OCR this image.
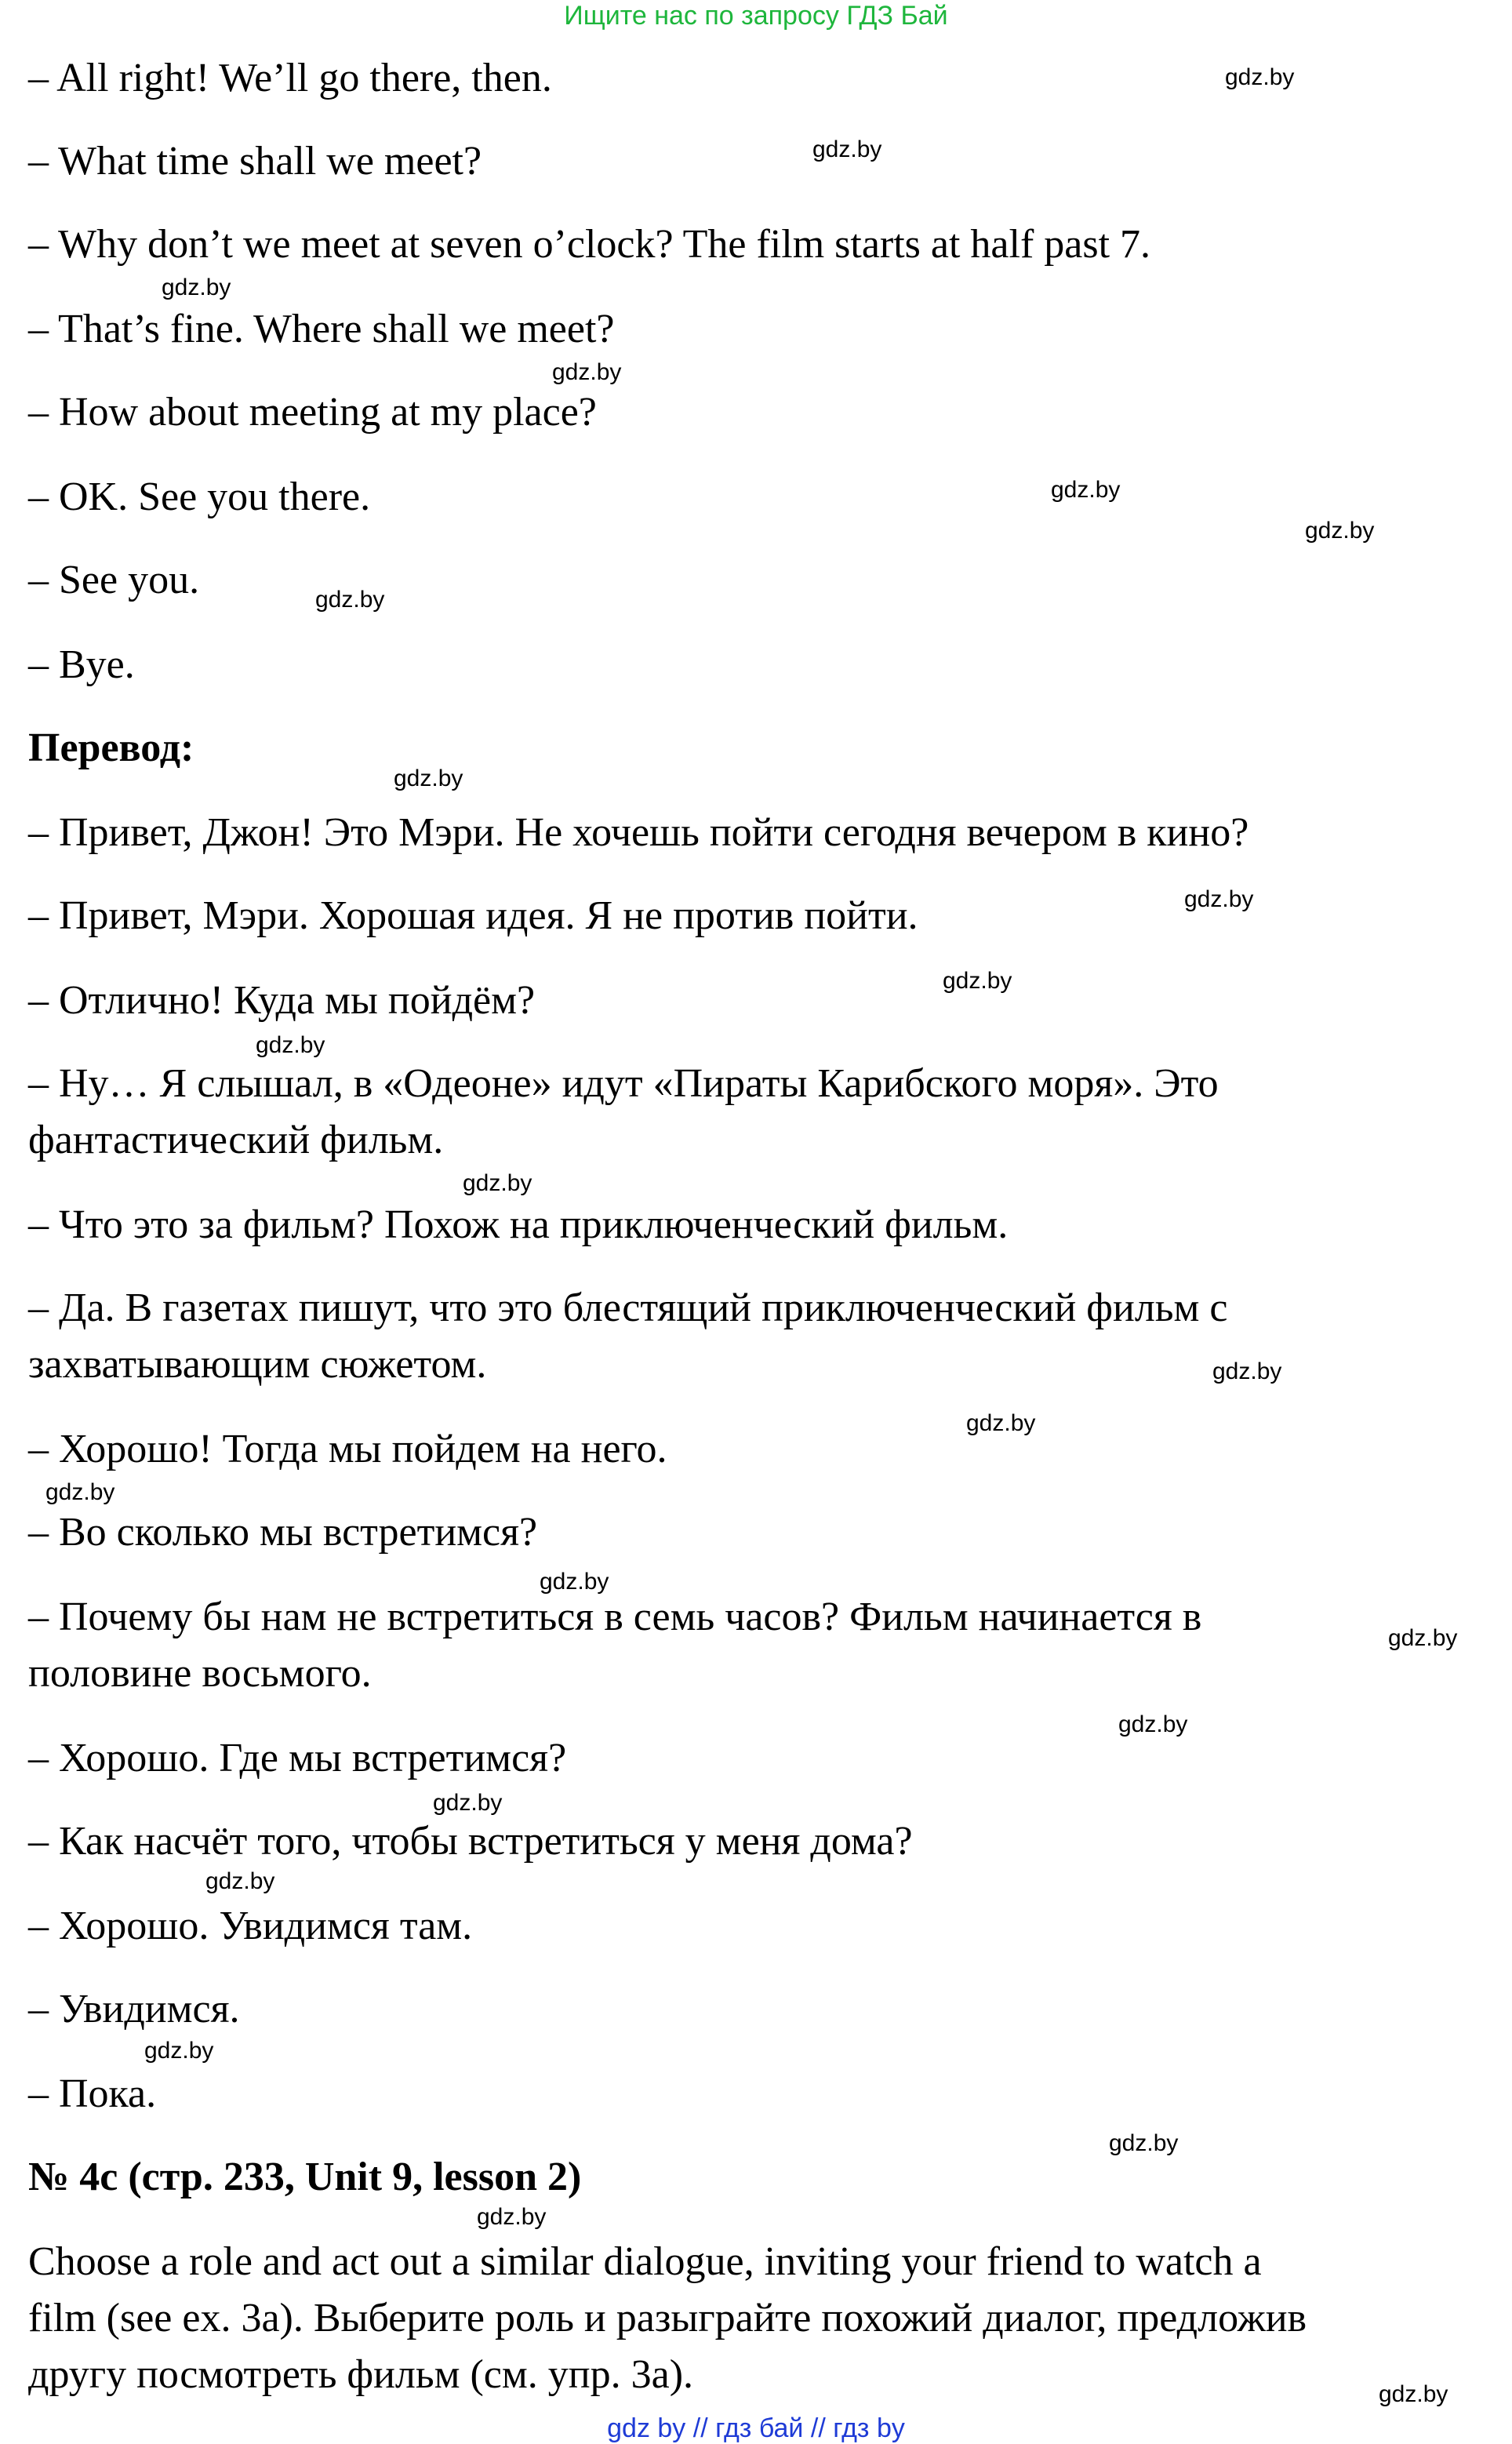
Ищите нас по запросу ГДЗ Бай

– All right! We’ll go there, then.

– What time shall we meet?

– Why don’t we meet at seven o’clock? The film starts at half past 7.

– That’s fine. Where shall we meet?

– How about meeting at my place?

– OK. See you there.

– See you.

– Bye.

Перевод:

– Привет, Джон! Это Мэри. Не хочешь пойти сегодня вечером в кино?

– Привет, Мэри. Хорошая идея. Я не против пойти.

– Отлично! Куда мы пойдём?

– Ну… Я слышал, в «Одеоне» идут «Пираты Карибского моря». Это

фантастический фильм.

– Что это за фильм? Похож на приключенческий фильм.

– Да. В газетах пишут, что это блестящий приключенческий фильм с

захватывающим сюжетом.

– Хорошо! Тогда мы пойдем на него.

– Во сколько мы встретимся?

– Почему бы нам не встретиться в семь часов? Фильм начинается в

половине восьмого.

– Хорошо. Где мы встретимся?

– Как насчёт того, чтобы встретиться у меня дома?

– Хорошо. Увидимся там.

– Увидимся.

– Пока.

№ 4c (стр. 233, Unit 9, lesson 2)

Choose a role and act out a similar dialogue, inviting your friend to watch a

film (see ex. 3a). Выберите роль и разыграйте похожий диалог, предложив

другу посмотреть фильм (см. упр. 3а).

gdz.by
gdz.by
gdz.by
gdz.by
gdz.by
gdz.by
gdz.by
gdz.by
gdz.by
gdz.by
gdz.by
gdz.by
gdz.by
gdz.by
gdz.by
gdz.by
gdz.by
gdz.by
gdz.by
gdz.by
gdz.by
gdz.by
gdz.by
gdz.by
gdz by // гдз бай // гдз by
